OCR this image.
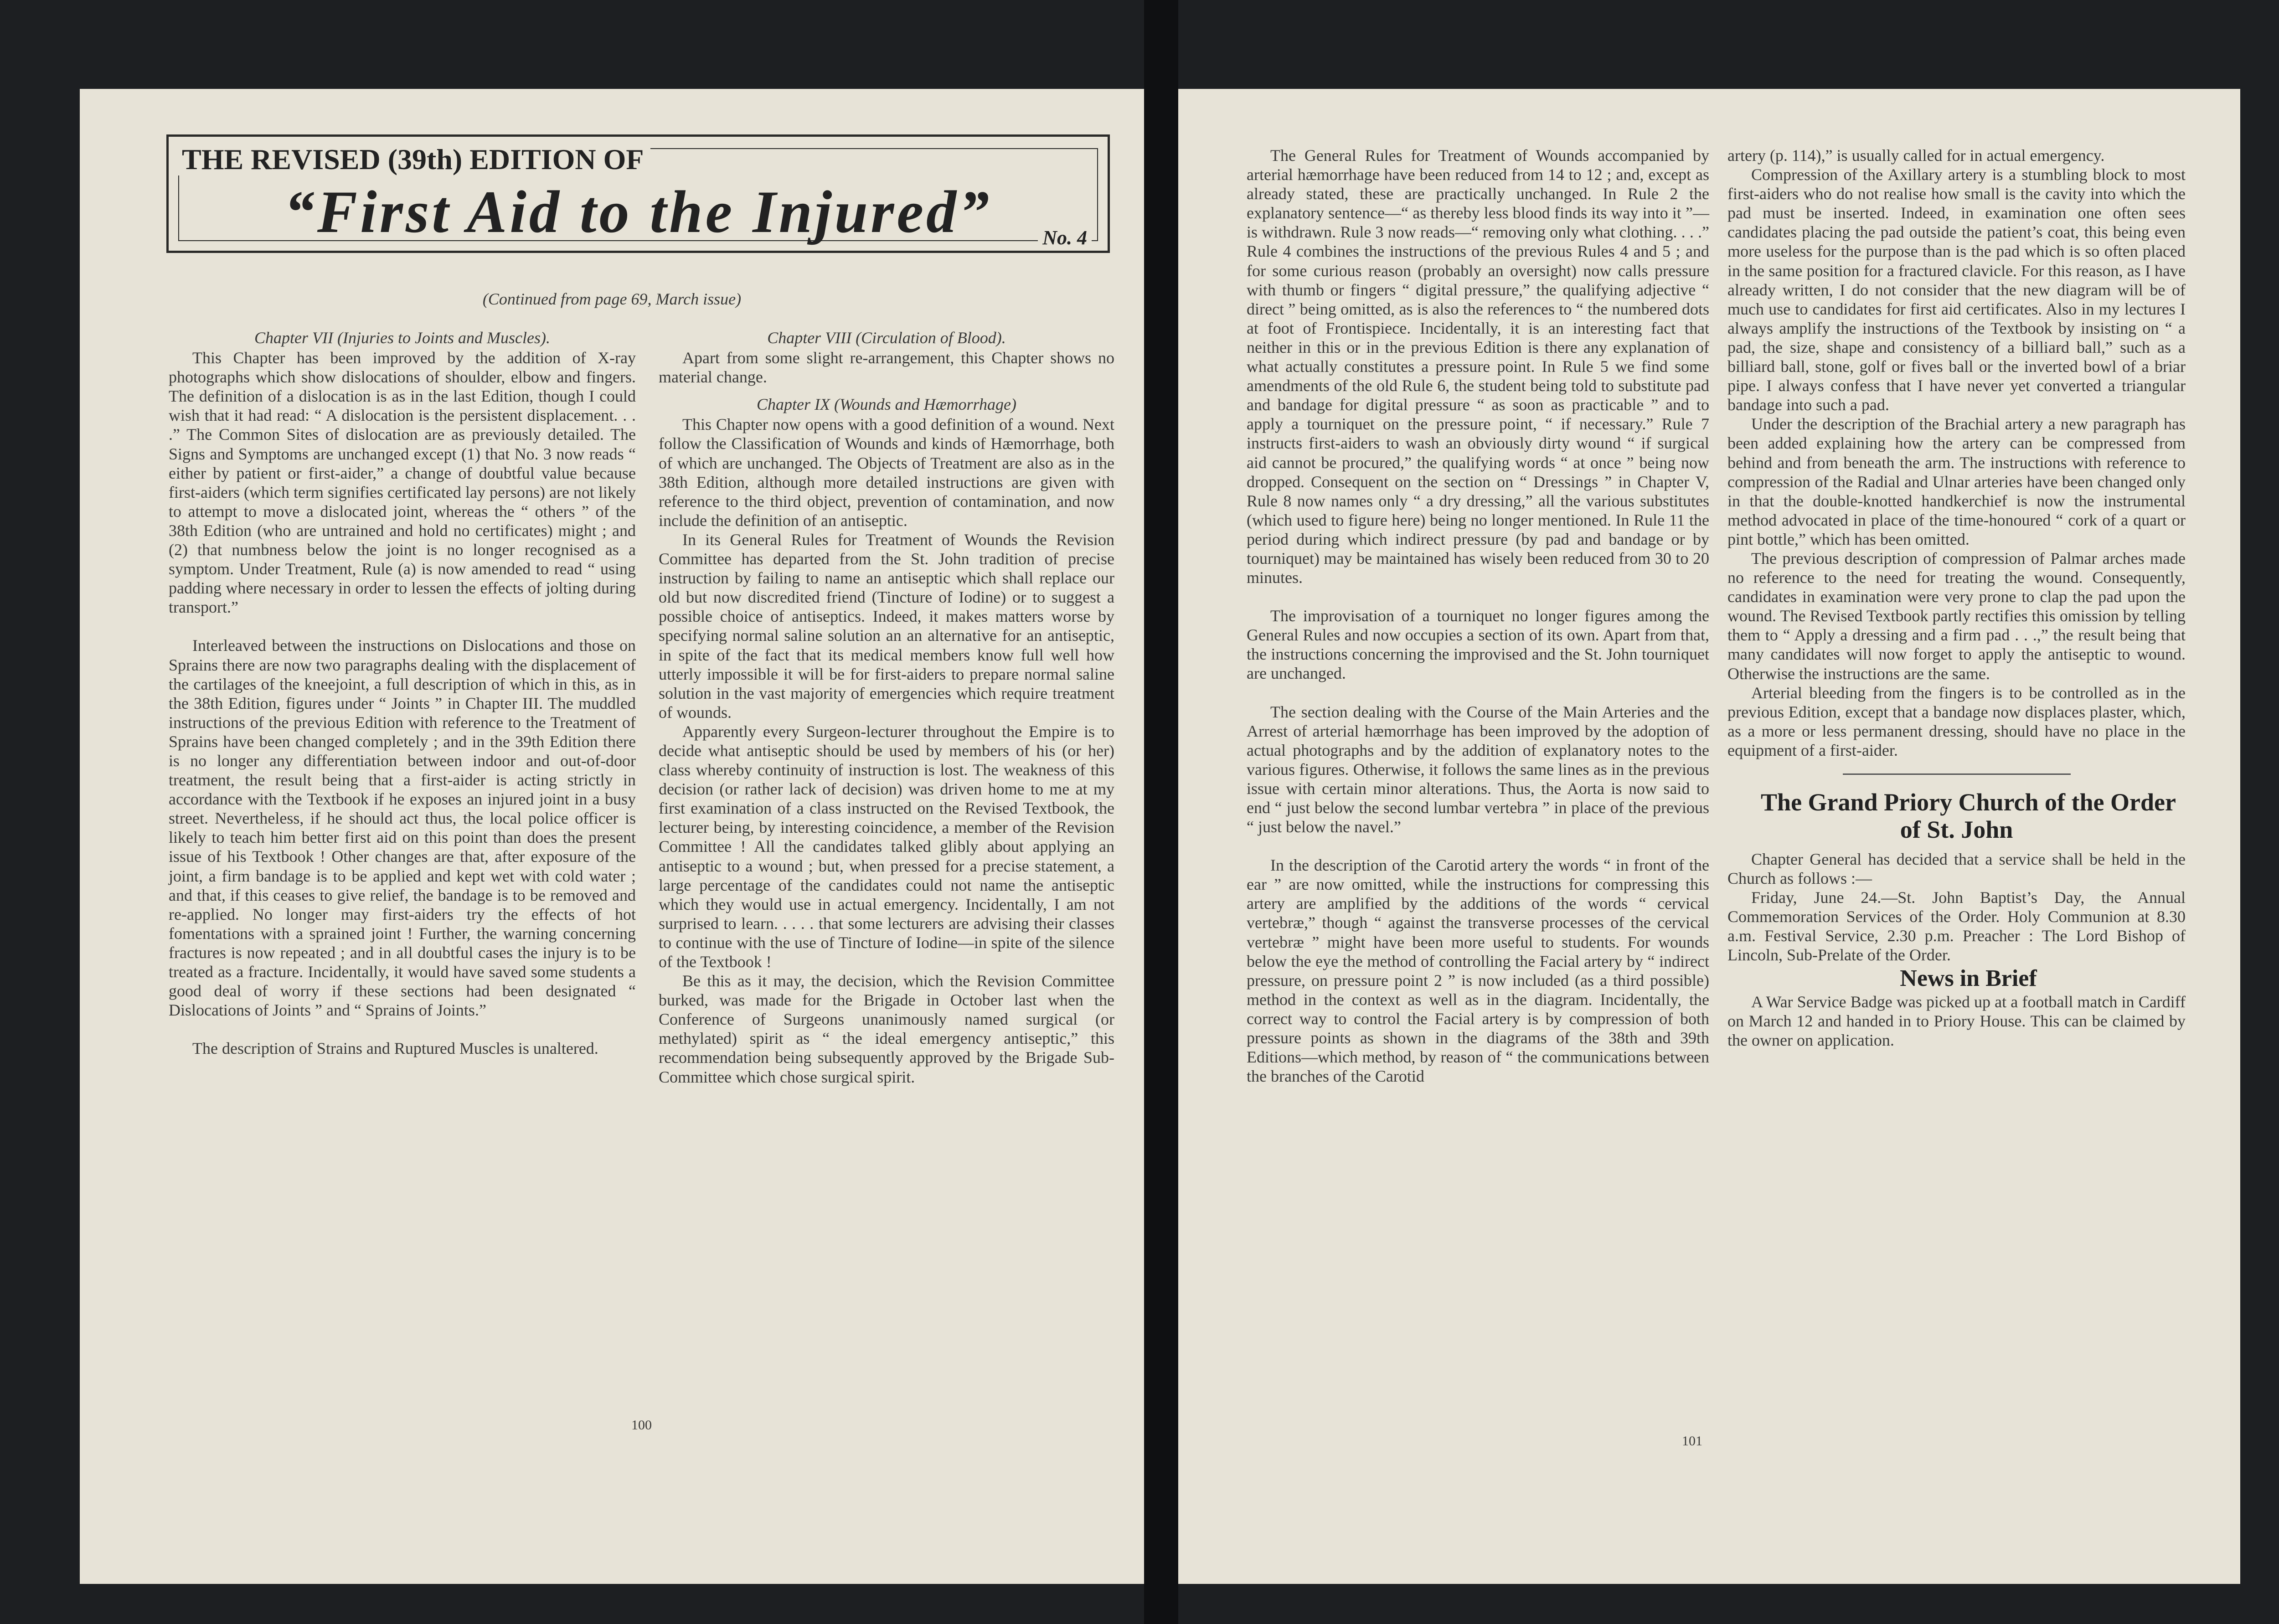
THE REVISED (39th) EDITION OF
“First Aid to the Injured”	No. 4
(Continued from page 69, March issue)

Chapter VII (Injuries to Joints and Muscles).

This Chapter has been improved by the addition of X-ray photographs which show dislocations of shoulder, elbow and fingers. The definition of a dislocation is as in the last Edition, though I could wish that it had read: “ A dislocation is the persistent displacement. . . .” The Common Sites of dislocation are as previously detailed. The Signs and Symptoms are unchanged except (1) that No. 3 now reads “ either by patient or first-aider,” a change of doubtful value because first-aiders (which term signifies certificated lay persons) are not likely to attempt to move a dislocated joint, whereas the “ others ” of the 38th Edition (who are untrained and hold no certificates) might ; and (2) that numbness below the joint is no longer recognised as a symptom. Under Treatment, Rule (a) is now amended to read “ using padding where necessary in order to lessen the effects of jolting during transport.”

Interleaved between the instructions on Dislocations and those on Sprains there are now two paragraphs dealing with the displacement of the cartilages of the kneejoint, a full description of which in this, as in the 38th Edition, figures under “ Joints ” in Chapter III. The muddled instructions of the previous Edition with reference to the Treatment of Sprains have been changed completely ; and in the 39th Edition there is no longer any differentiation between indoor and out-of-door treatment, the result being that a first-aider is acting strictly in accordance with the Textbook if he exposes an injured joint in a busy street. Nevertheless, if he should act thus, the local police officer is likely to teach him better first aid on this point than does the present issue of his Textbook ! Other changes are that, after exposure of the joint, a firm bandage is to be applied and kept wet with cold water ; and that, if this ceases to give relief, the bandage is to be removed and re-applied. No longer may first-aiders try the effects of hot fomentations with a sprained joint ! Further, the warning concerning fractures is now repeated ; and in all doubtful cases the injury is to be treated as a fracture. Incidentally, it would have saved some students a good deal of worry if these sections had been designated “ Dislocations of Joints ” and “ Sprains of Joints.”

The description of Strains and Ruptured Muscles is unaltered.

Chapter VIII (Circulation of Blood).

Apart from some slight re-arrangement, this Chapter shows no material change.

Chapter IX (Wounds and Hæmorrhage)

This Chapter now opens with a good definition of a wound. Next follow the Classification of Wounds and kinds of Hæmorrhage, both of which are unchanged. The Objects of Treatment are also as in the 38th Edition, although more detailed instructions are given with reference to the third object, prevention of contamination, and now include the definition of an antiseptic.

In its General Rules for Treatment of Wounds the Revision Committee has departed from the St. John tradition of precise instruction by failing to name an antiseptic which shall replace our old but now discredited friend (Tincture of Iodine) or to suggest a possible choice of antiseptics. Indeed, it makes matters worse by specifying normal saline solution an an alternative for an antiseptic, in spite of the fact that its medical members know full well how utterly impossible it will be for first-aiders to prepare normal saline solution in the vast majority of emergencies which require treatment of wounds.

Apparently every Surgeon-lecturer throughout the Empire is to decide what antiseptic should be used by members of his (or her) class whereby continuity of instruction is lost. The weakness of this decision (or rather lack of decision) was driven home to me at my first examination of a class instructed on the Revised Textbook, the lecturer being, by interesting coincidence, a member of the Revision Committee ! All the candidates talked glibly about applying an antiseptic to a wound ; but, when pressed for a precise statement, a large percentage of the candidates could not name the antiseptic which they would use in actual emergency. Incidentally, I am not surprised to learn. . . . . that some lecturers are advising their classes to continue with the use of Tincture of Iodine—in spite of the silence of the Textbook !

Be this as it may, the decision, which the Revision Committee burked, was made for the Brigade in October last when the Conference of Surgeons unanimously named surgical (or methylated) spirit as “ the ideal emergency antiseptic,” this recommendation being subsequently approved by the Brigade Sub-Committee which chose surgical spirit.

100

The General Rules for Treatment of Wounds accompanied by arterial hæmorrhage have been reduced from 14 to 12 ; and, except as already stated, these are practically unchanged. In Rule 2 the explanatory sentence—“ as thereby less blood finds its way into it ”—is withdrawn. Rule 3 now reads—“ removing only what clothing. . . .” Rule 4 combines the instructions of the previous Rules 4 and 5 ; and for some curious reason (probably an oversight) now calls pressure with thumb or fingers “ digital pressure,” the qualifying adjective “ direct ” being omitted, as is also the references to “ the numbered dots at foot of Frontispiece. Incidentally, it is an interesting fact that neither in this or in the previous Edition is there any explanation of what actually constitutes a pressure point. In Rule 5 we find some amendments of the old Rule 6, the student being told to substitute pad and bandage for digital pressure “ as soon as practicable ” and to apply a tourniquet on the pressure point, “ if necessary.” Rule 7 instructs first-aiders to wash an obviously dirty wound “ if surgical aid cannot be procured,” the qualifying words “ at once ” being now dropped. Consequent on the section on “ Dressings ” in Chapter V, Rule 8 now names only “ a dry dressing,” all the various substitutes (which used to figure here) being no longer mentioned. In Rule 11 the period during which indirect pressure (by pad and bandage or by tourniquet) may be maintained has wisely been reduced from 30 to 20 minutes.

The improvisation of a tourniquet no longer figures among the General Rules and now occupies a section of its own. Apart from that, the instructions concerning the improvised and the St. John tourniquet are unchanged.

The section dealing with the Course of the Main Arteries and the Arrest of arterial hæmorrhage has been improved by the adoption of actual photographs and by the addition of explanatory notes to the various figures. Otherwise, it follows the same lines as in the previous issue with certain minor alterations. Thus, the Aorta is now said to end “ just below the second lumbar vertebra ” in place of the previous “ just below the navel.”

In the description of the Carotid artery the words “ in front of the ear ” are now omitted, while the instructions for compressing this artery are amplified by the additions of the words “ cervical vertebræ,” though “ against the transverse processes of the cervical vertebræ ” might have been more useful to students. For wounds below the eye the method of controlling the Facial artery by “ indirect pressure, on pressure point 2 ” is now included (as a third possible) method in the context as well as in the diagram. Incidentally, the correct way to control the Facial artery is by compression of both pressure points as shown in the diagrams of the 38th and 39th Editions—which method, by reason of “ the communications between the branches of the Carotid

artery (p. 114),” is usually called for in actual emergency.

Compression of the Axillary artery is a stumbling block to most first-aiders who do not realise how small is the cavity into which the pad must be inserted. Indeed, in examination one often sees candidates placing the pad outside the patient’s coat, this being even more useless for the purpose than is the pad which is so often placed in the same position for a fractured clavicle. For this reason, as I have already written, I do not consider that the new diagram will be of much use to candidates for first aid certificates. Also in my lectures I always amplify the instructions of the Textbook by insisting on “ a pad, the size, shape and consistency of a billiard ball,” such as a billiard ball, stone, golf or fives ball or the inverted bowl of a briar pipe. I always confess that I have never yet converted a triangular bandage into such a pad.

Under the description of the Brachial artery a new paragraph has been added explaining how the artery can be compressed from behind and from beneath the arm. The instructions with reference to compression of the Radial and Ulnar arteries have been changed only in that the double-knotted handkerchief is now the instrumental method advocated in place of the time-honoured “ cork of a quart or pint bottle,” which has been omitted.

The previous description of compression of Palmar arches made no reference to the need for treating the wound. Consequently, candidates in examination were very prone to clap the pad upon the wound. The Revised Textbook partly rectifies this omission by telling them to “ Apply a dressing and a firm pad . . .,” the result being that many candidates will now forget to apply the antiseptic to wound. Otherwise the instructions are the same.

Arterial bleeding from the fingers is to be controlled as in the previous Edition, except that a bandage now displaces plaster, which, as a more or less permanent dressing, should have no place in the equipment of a first-aider.

The Grand Priory Church of the Order of St. John

Chapter General has decided that a service shall be held in the Church as follows :—

Friday, June 24.—St. John Baptist’s Day, the Annual Commemoration Services of the Order. Holy Communion at 8.30 a.m. Festival Service, 2.30 p.m. Preacher : The Lord Bishop of Lincoln, Sub-Prelate of the Order.

News in Brief

A War Service Badge was picked up at a football match in Cardiff on March 12 and handed in to Priory House. This can be claimed by the owner on application.

101
